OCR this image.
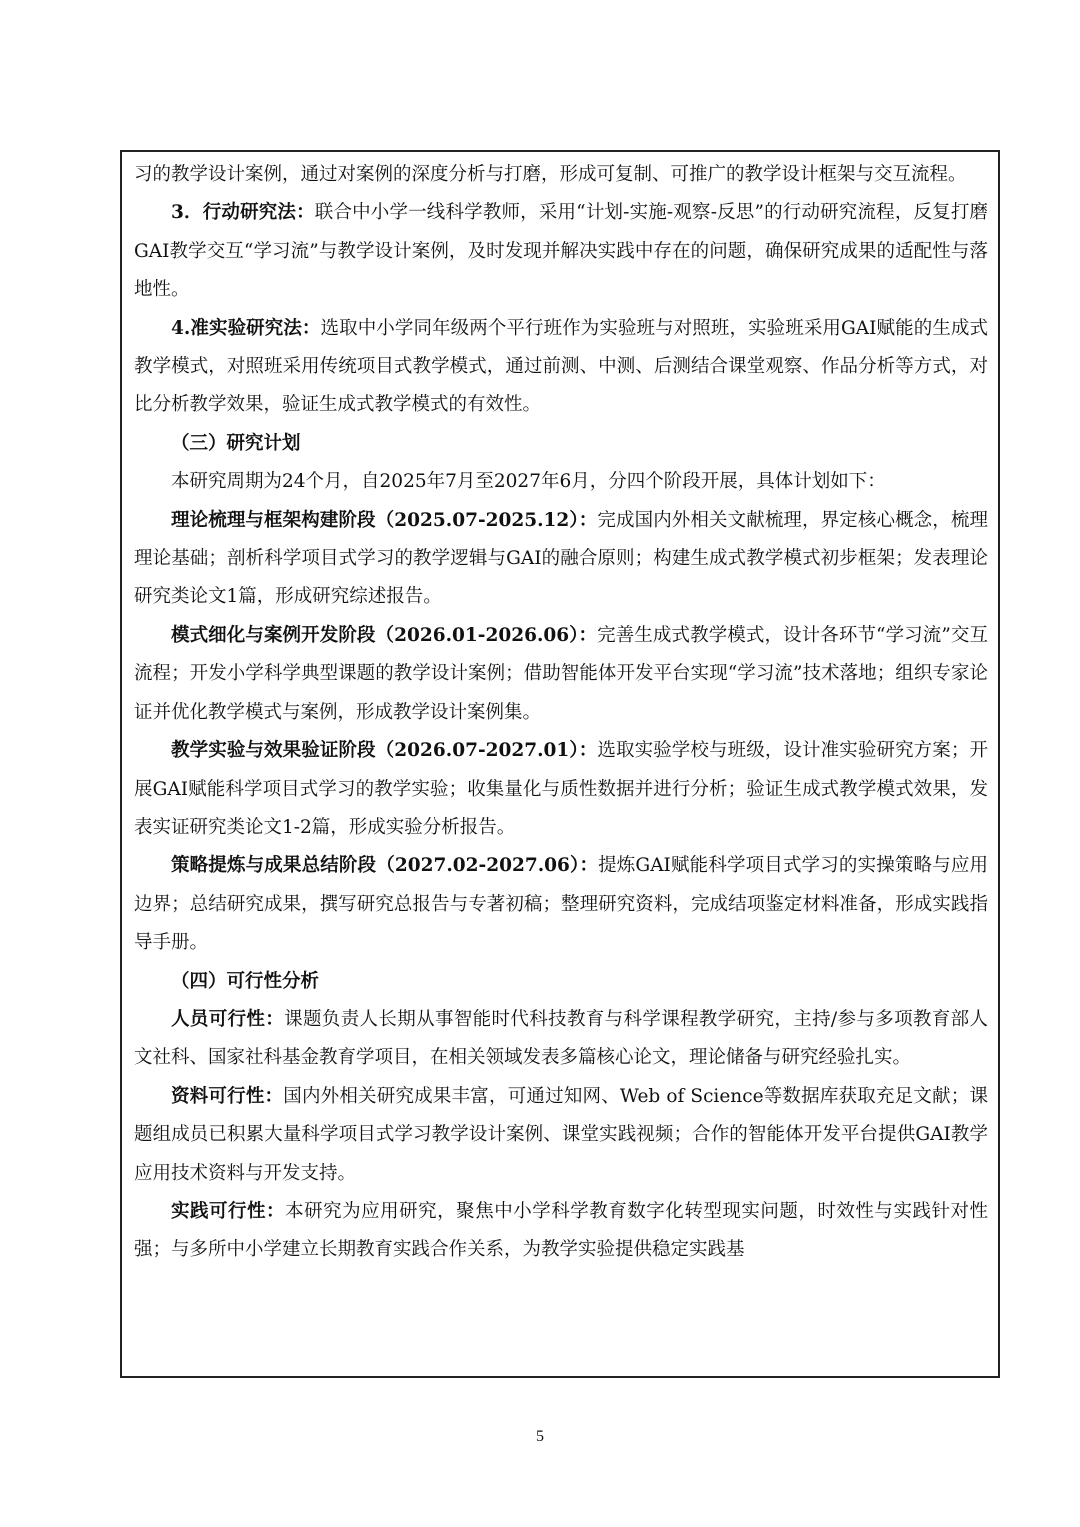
习的教学设计案例，通过对案例的深度分析与打磨，形成可复制、可推广的教学设计框架与交互流程。

3．行动研究法：联合中小学一线科学教师，采用“计划-实施-观察-反思”的行动研究流程，反复打磨GAI教学交互“学习流”与教学设计案例，及时发现并解决实践中存在的问题，确保研究成果的适配性与落地性。

4.准实验研究法：选取中小学同年级两个平行班作为实验班与对照班，实验班采用GAI赋能的生成式教学模式，对照班采用传统项目式教学模式，通过前测、中测、后测结合课堂观察、作品分析等方式，对比分析教学效果，验证生成式教学模式的有效性。

（三）研究计划

本研究周期为24个月，自2025年7月至2027年6月，分四个阶段开展，具体计划如下：

理论梳理与框架构建阶段（2025.07-2025.12）：完成国内外相关文献梳理，界定核心概念，梳理理论基础；剖析科学项目式学习的教学逻辑与GAI的融合原则；构建生成式教学模式初步框架；发表理论研究类论文1篇，形成研究综述报告。

模式细化与案例开发阶段（2026.01-2026.06）：完善生成式教学模式，设计各环节“学习流”交互流程；开发小学科学典型课题的教学设计案例；借助智能体开发平台实现“学习流”技术落地；组织专家论证并优化教学模式与案例，形成教学设计案例集。

教学实验与效果验证阶段（2026.07-2027.01）：选取实验学校与班级，设计准实验研究方案；开展GAI赋能科学项目式学习的教学实验；收集量化与质性数据并进行分析；验证生成式教学模式效果，发表实证研究类论文1-2篇，形成实验分析报告。

策略提炼与成果总结阶段（2027.02-2027.06）：提炼GAI赋能科学项目式学习的实操策略与应用边界；总结研究成果，撰写研究总报告与专著初稿；整理研究资料，完成结项鉴定材料准备，形成实践指导手册。

（四）可行性分析

人员可行性：课题负责人长期从事智能时代科技教育与科学课程教学研究，主持/参与多项教育部人文社科、国家社科基金教育学项目，在相关领域发表多篇核心论文，理论储备与研究经验扎实。

资料可行性：国内外相关研究成果丰富，可通过知网、Web of Science等数据库获取充足文献；课题组成员已积累大量科学项目式学习教学设计案例、课堂实践视频；合作的智能体开发平台提供GAI教学应用技术资料与开发支持。

实践可行性：本研究为应用研究，聚焦中小学科学教育数字化转型现实问题，时效性与实践针对性强；与多所中小学建立长期教育实践合作关系，为教学实验提供稳定实践基

5
